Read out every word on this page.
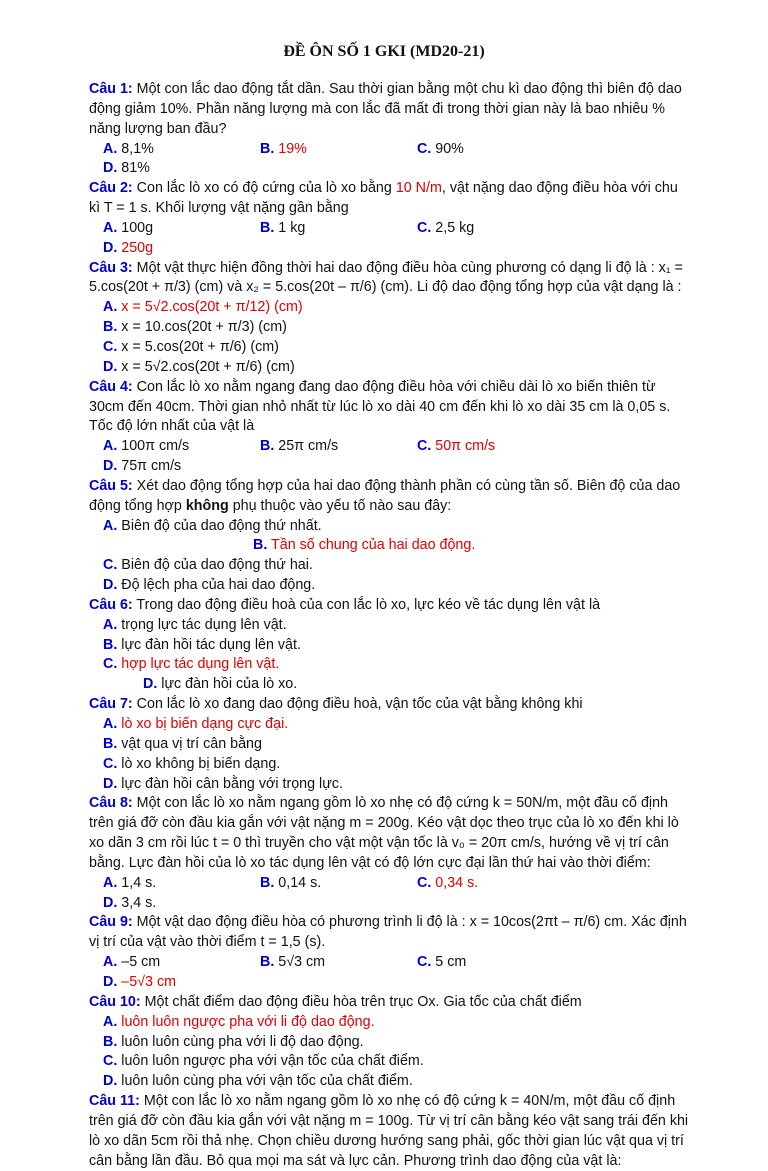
ĐỀ ÔN SỐ 1 GKI (MD20-21)
Câu 1: Một con lắc dao động tắt dần. Sau thời gian bằng một chu kì dao động thì biên độ dao động giảm 10%. Phần năng lượng mà con lắc đã mất đi trong thời gian này là bao nhiêu % năng lượng ban đầu?
A. 8,1%	B. 19%	C. 90%
D. 81%
Câu 2: Con lắc lò xo có độ cứng của lò xo bằng 10 N/m, vật nặng dao động điều hòa với chu kì T = 1 s. Khối lượng vật nặng gần bằng
A. 100g	B. 1 kg	C. 2,5 kg
D. 250g
Câu 3: Một vật thực hiện đồng thời hai dao động điều hòa cùng phương có dạng li độ là : x₁ = 5.cos(20t + π/3) (cm) và x₂ = 5.cos(20t – π/6) (cm). Li độ dao động tổng hợp của vật dạng là :
A. x = 5√2.cos(20t + π/12) (cm)
B. x = 10.cos(20t + π/3) (cm)
C. x = 5.cos(20t + π/6) (cm)
D. x = 5√2.cos(20t + π/6) (cm)
Câu 4: Con lắc lò xo nằm ngang đang dao động điều hòa với chiều dài lò xo biến thiên từ 30cm đến 40cm. Thời gian nhỏ nhất từ lúc lò xo dài 40 cm đến khi lò xo dài 35 cm là 0,05 s. Tốc độ lớn nhất của vật là
A. 100π cm/s	B. 25π cm/s	C. 50π cm/s
D. 75π cm/s
Câu 5: Xét dao động tổng hợp của hai dao động thành phần có cùng tần số. Biên độ của dao động tổng hợp không phụ thuộc vào yếu tố nào sau đây:
A. Biên độ của dao động thứ nhất.
B. Tần số chung của hai dao động.
C. Biên độ của dao động thứ hai.
D. Độ lệch pha của hai dao động.
Câu 6: Trong dao động điều hoà của con lắc lò xo, lực kéo về tác dụng lên vật là
A. trọng lực tác dụng lên vật.
B. lực đàn hồi tác dụng lên vật.
C. hợp lực tác dụng lên vật.
D. lực đàn hồi của lò xo.
Câu 7: Con lắc lò xo đang dao động điều hoà, vận tốc của vật bằng không khi
A. lò xo bị biến dạng cực đại.
B. vật qua vị trí cân bằng
C. lò xo không bị biến dạng.
D. lực đàn hồi cân bằng với trọng lực.
Câu 8: Một con lắc lò xo nằm ngang gồm lò xo nhẹ có độ cứng k = 50N/m, một đầu cố định trên giá đỡ còn đầu kia gắn với vật nặng m = 200g. Kéo vật dọc theo trục của lò xo đến khi lò xo dãn 3 cm rồi lúc t = 0 thì truyền cho vật một vận tốc là v₀ = 20π cm/s, hướng về vị trí cân bằng. Lực đàn hồi của lò xo tác dụng lên vật có độ lớn cực đại lần thứ hai vào thời điểm:
A. 1,4 s.	B. 0,14 s.	C. 0,34 s.
D. 3,4 s.
Câu 9: Một vật dao động điều hòa có phương trình li độ là : x = 10cos(2πt – π/6) cm. Xác định vị trí của vật vào thời điểm t = 1,5 (s).
A. –5 cm	B. 5√3 cm	C. 5 cm
D. –5√3 cm
Câu 10: Một chất điểm dao động điều hòa trên trục Ox. Gia tốc của chất điểm
A. luôn luôn ngược pha với li độ dao động.
B. luôn luôn cùng pha với li độ dao động.
C. luôn luôn ngược pha với vận tốc của chất điểm.
D. luôn luôn cùng pha với vận tốc của chất điểm.
Câu 11: Một con lắc lò xo nằm ngang gồm lò xo nhẹ có độ cứng k = 40N/m, một đầu cố định trên giá đỡ còn đầu kia gắn với vật nặng m = 100g. Từ vị trí cân bằng kéo vật sang trái đến khi lò xo dãn 5cm rồi thả nhẹ. Chọn chiều dương hướng sang phải, gốc thời gian lúc vật qua vị trí cân bằng lần đầu. Bỏ qua mọi ma sát và lực cản. Phương trình dao động của vật là:
